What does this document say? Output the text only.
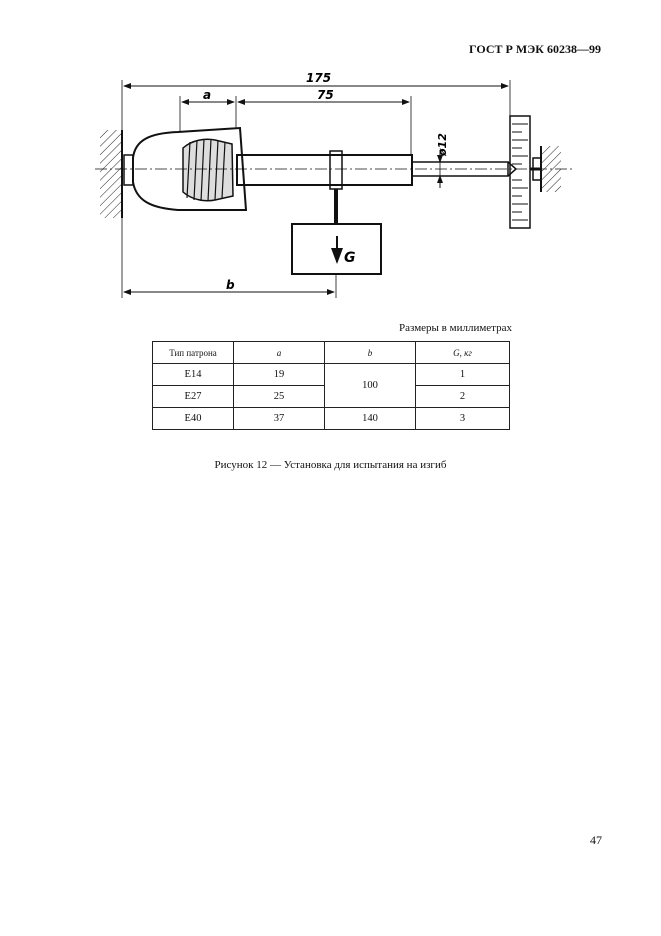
ГОСТ Р МЭК 60238—99
G
175
a	75
ø12
b
Размеры в миллиметрах
Тип патрона	a	b	G, кг
E14	19	100	1
E27	25		2
E40	37	140	3
Рисунок 12 — Установка для испытания на изгиб
47
